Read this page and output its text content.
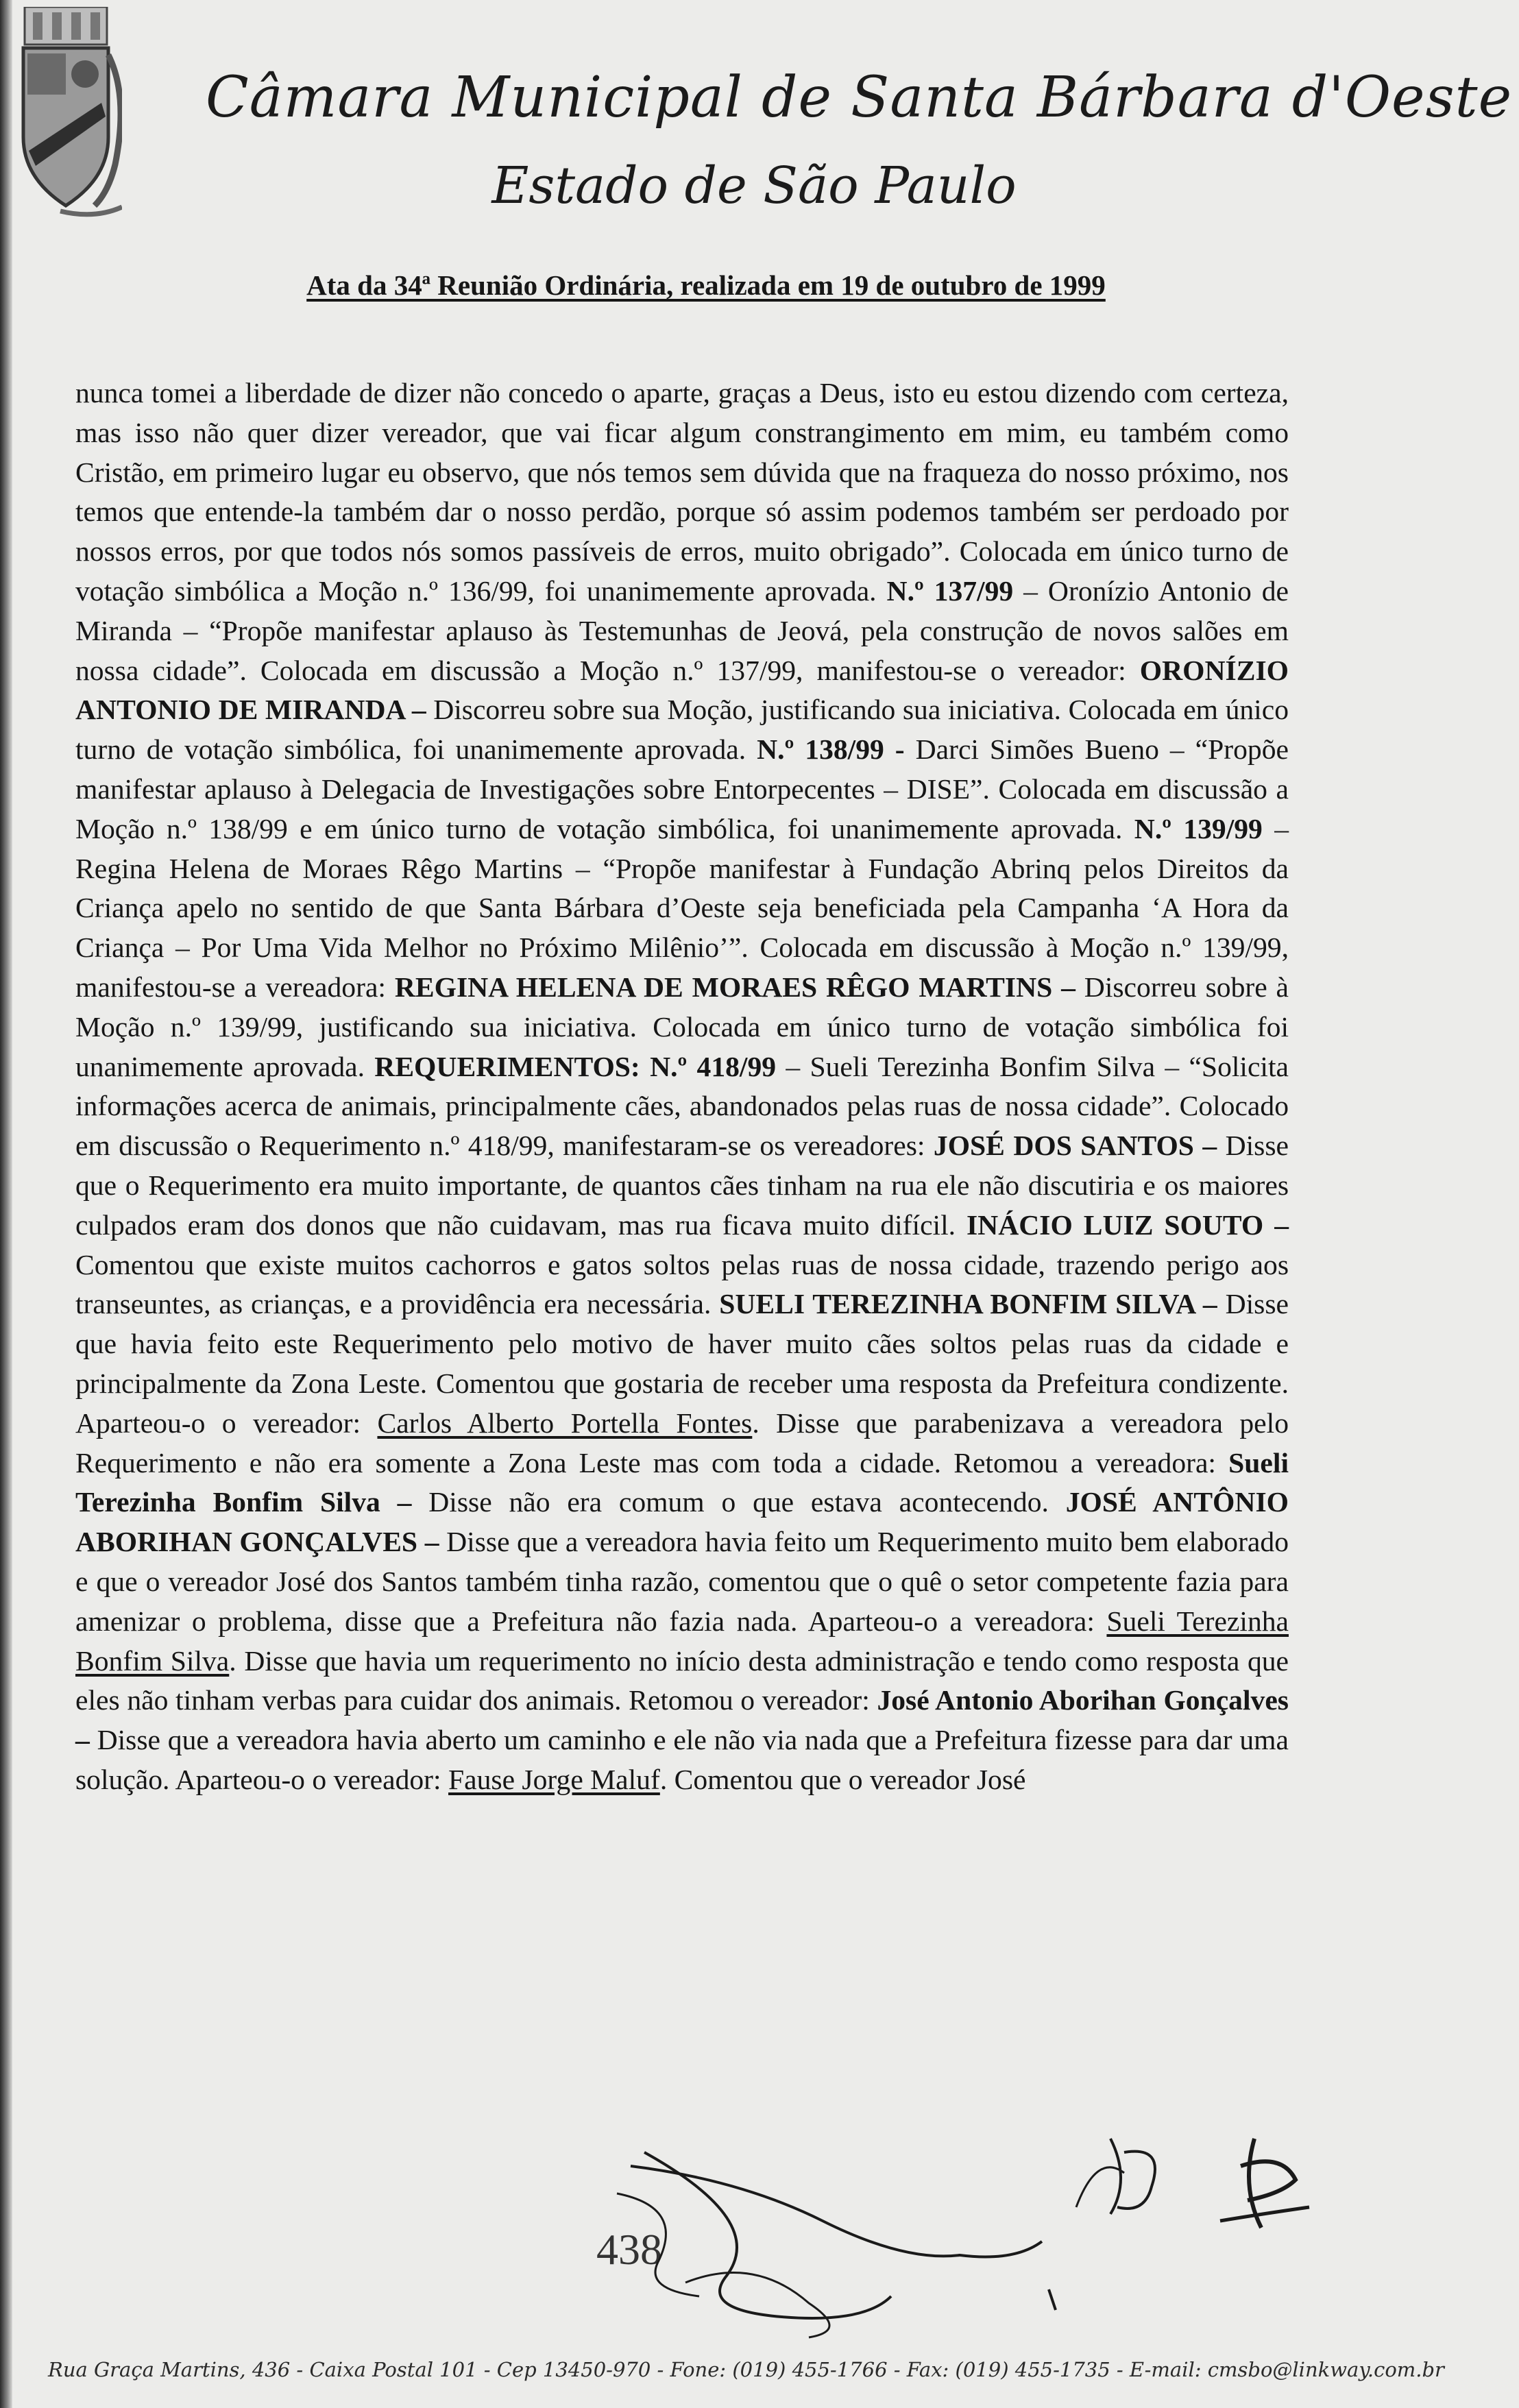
Câmara Municipal de Santa Bárbara d'Oeste
Estado de São Paulo
Ata da 34ª Reunião Ordinária, realizada em 19 de outubro de 1999
nunca tomei a liberdade de dizer não concedo o aparte, graças a Deus, isto eu estou dizendo com certeza, mas isso não quer dizer vereador, que vai ficar algum constrangimento em mim, eu também como Cristão, em primeiro lugar eu observo, que nós temos sem dúvida que na fraqueza do nosso próximo, nos temos que entende-la também dar o nosso perdão, porque só assim podemos também ser perdoado por nossos erros, por que todos nós somos passíveis de erros, muito obrigado”. Colocada em único turno de votação simbólica a Moção n.º 136/99, foi unanimemente aprovada. N.º 137/99 – Oronízio Antonio de Miranda – “Propõe manifestar aplauso às Testemunhas de Jeová, pela construção de novos salões em nossa cidade”. Colocada em discussão a Moção n.º 137/99, manifestou-se o vereador: ORONÍZIO ANTONIO DE MIRANDA – Discorreu sobre sua Moção, justificando sua iniciativa. Colocada em único turno de votação simbólica, foi unanimemente aprovada. N.º 138/99 - Darci Simões Bueno – “Propõe manifestar aplauso à Delegacia de Investigações sobre Entorpecentes – DISE”. Colocada em discussão a Moção n.º 138/99 e em único turno de votação simbólica, foi unanimemente aprovada. N.º 139/99 – Regina Helena de Moraes Rêgo Martins – “Propõe manifestar à Fundação Abrinq pelos Direitos da Criança apelo no sentido de que Santa Bárbara d’Oeste seja beneficiada pela Campanha ‘A Hora da Criança – Por Uma Vida Melhor no Próximo Milênio’”. Colocada em discussão à Moção n.º 139/99, manifestou-se a vereadora: REGINA HELENA DE MORAES RÊGO MARTINS – Discorreu sobre à Moção n.º 139/99, justificando sua iniciativa. Colocada em único turno de votação simbólica foi unanimemente aprovada. REQUERIMENTOS: N.º 418/99 – Sueli Terezinha Bonfim Silva – “Solicita informações acerca de animais, principalmente cães, abandonados pelas ruas de nossa cidade”. Colocado em discussão o Requerimento n.º 418/99, manifestaram-se os vereadores: JOSÉ DOS SANTOS – Disse que o Requerimento era muito importante, de quantos cães tinham na rua ele não discutiria e os maiores culpados eram dos donos que não cuidavam, mas rua ficava muito difícil. INÁCIO LUIZ SOUTO – Comentou que existe muitos cachorros e gatos soltos pelas ruas de nossa cidade, trazendo perigo aos transeuntes, as crianças, e a providência era necessária. SUELI TEREZINHA BONFIM SILVA – Disse que havia feito este Requerimento pelo motivo de haver muito cães soltos pelas ruas da cidade e principalmente da Zona Leste. Comentou que gostaria de receber uma resposta da Prefeitura condizente. Aparteou-o o vereador: Carlos Alberto Portella Fontes. Disse que parabenizava a vereadora pelo Requerimento e não era somente a Zona Leste mas com toda a cidade. Retomou a vereadora: Sueli Terezinha Bonfim Silva – Disse não era comum o que estava acontecendo. JOSÉ ANTÔNIO ABORIHAN GONÇALVES – Disse que a vereadora havia feito um Requerimento muito bem elaborado e que o vereador José dos Santos também tinha razão, comentou que o quê o setor competente fazia para amenizar o problema, disse que a Prefeitura não fazia nada. Aparteou-o a vereadora: Sueli Terezinha Bonfim Silva. Disse que havia um requerimento no início desta administração e tendo como resposta que eles não tinham verbas para cuidar dos animais. Retomou o vereador: José Antonio Aborihan Gonçalves – Disse que a vereadora havia aberto um caminho e ele não via nada que a Prefeitura fizesse para dar uma solução. Aparteou-o o vereador: Fause Jorge Maluf. Comentou que o vereador José
438
Rua Graça Martins, 436 - Caixa Postal 101 - Cep 13450-970 - Fone: (019) 455-1766 - Fax: (019) 455-1735 - E-mail: cmsbo@linkway.com.br
